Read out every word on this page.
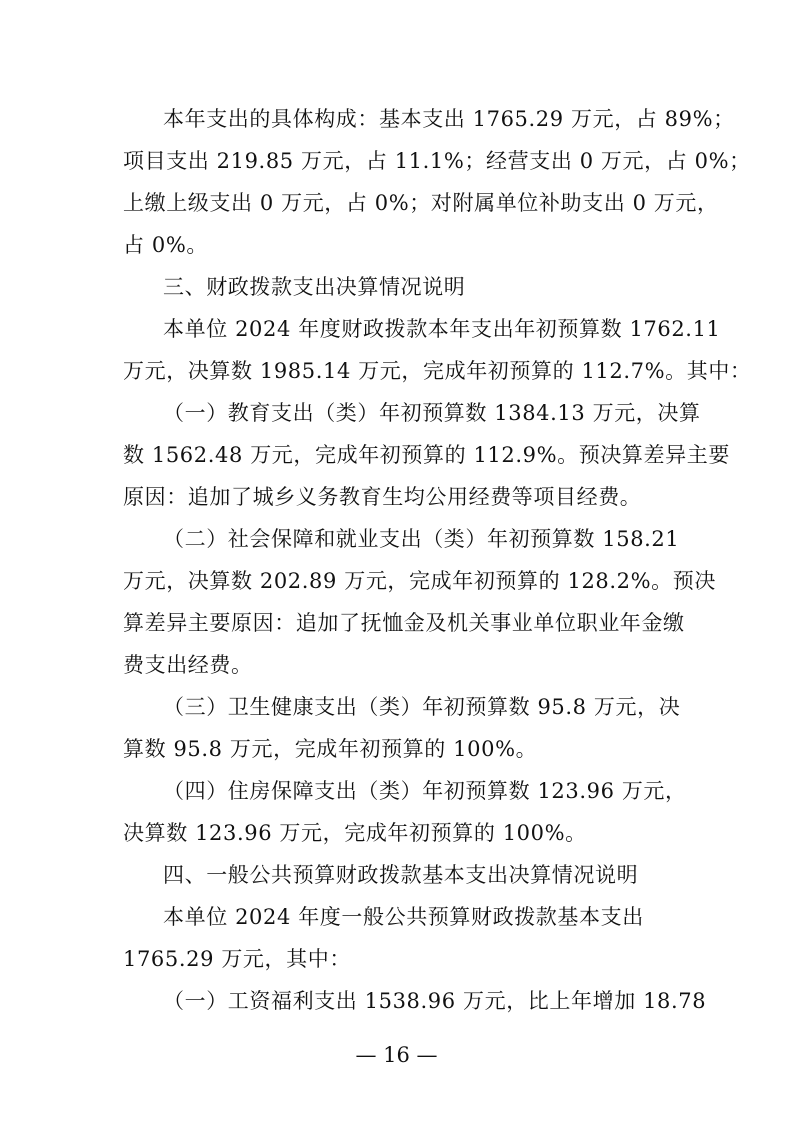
本年支出的具体构成：基本支出 1765.29 万元，占 89%；
项目支出 219.85 万元，占 11.1%；经营支出 0 万元，占 0%；
上缴上级支出 0 万元，占 0%；对附属单位补助支出 0 万元，
占 0%。
三、财政拨款支出决算情况说明
本单位 2024 年度财政拨款本年支出年初预算数 1762.11
万元，决算数 1985.14 万元，完成年初预算的 112.7%。其中：
（一）教育支出（类）年初预算数 1384.13 万元，决算
数 1562.48 万元，完成年初预算的 112.9%。预决算差异主要
原因：追加了城乡义务教育生均公用经费等项目经费。
（二）社会保障和就业支出（类）年初预算数 158.21
万元，决算数 202.89 万元，完成年初预算的 128.2%。预决
算差异主要原因：追加了抚恤金及机关事业单位职业年金缴
费支出经费。
（三）卫生健康支出（类）年初预算数 95.8 万元，决
算数 95.8 万元，完成年初预算的 100%。
（四）住房保障支出（类）年初预算数 123.96 万元，
决算数 123.96 万元，完成年初预算的 100%。
四、一般公共预算财政拨款基本支出决算情况说明
本单位 2024 年度一般公共预算财政拨款基本支出
1765.29 万元，其中：
（一）工资福利支出 1538.96 万元，比上年增加 18.78
— 16 —
